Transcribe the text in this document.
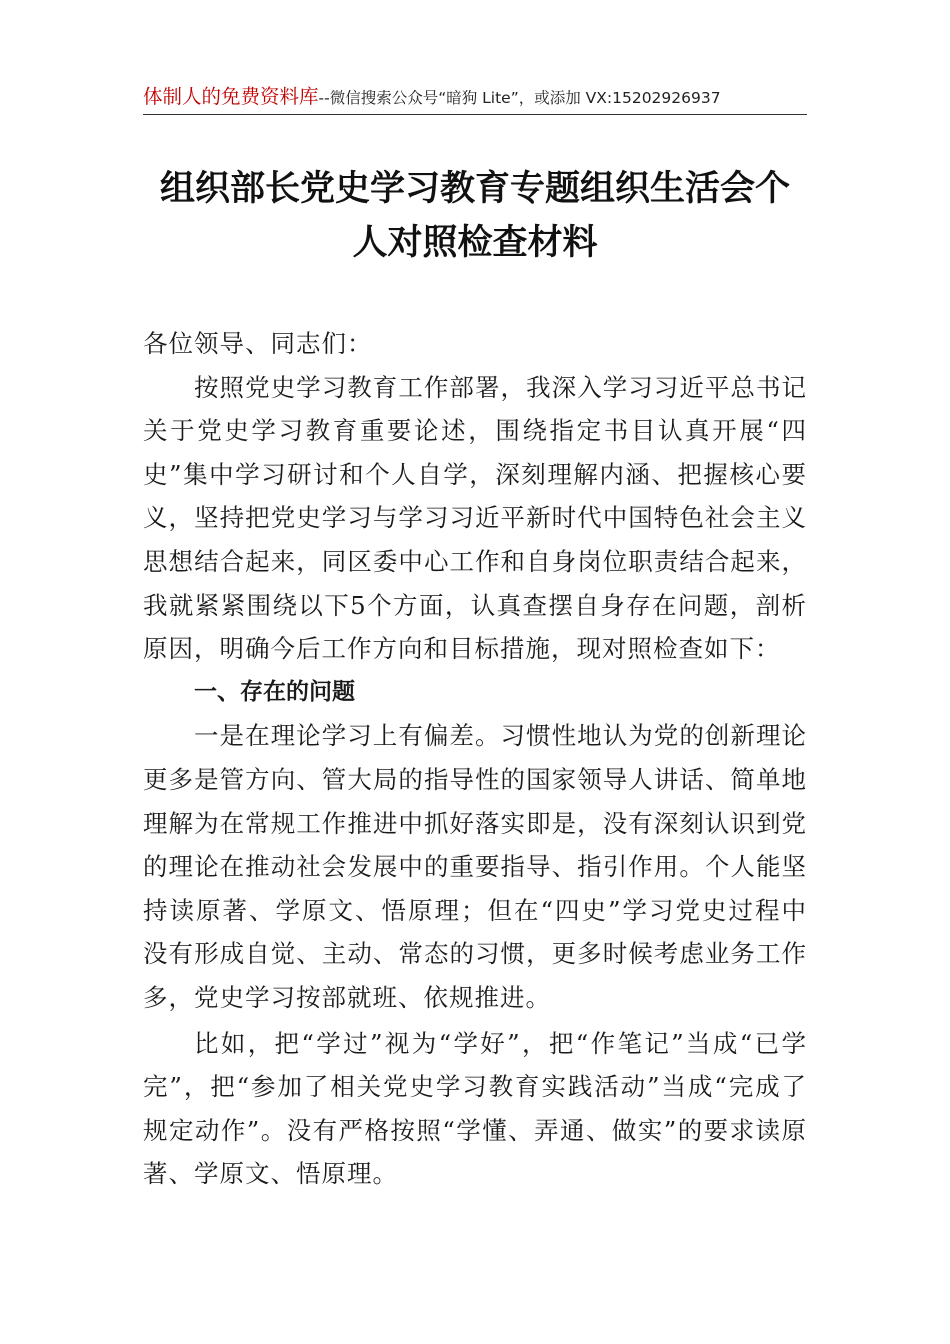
体制人的免费资料库--微信搜索公众号“暗狗 Lite”，或添加 VX:15202926937
组织部长党史学习教育专题组织生活会个人对照检查材料

各位领导、同志们：

按照党史学习教育工作部署，我深入学习习近平总书记关于党史学习教育重要论述，围绕指定书目认真开展“四史”集中学习研讨和个人自学，深刻理解内涵、把握核心要义，坚持把党史学习与学习习近平新时代中国特色社会主义思想结合起来，同区委中心工作和自身岗位职责结合起来，我就紧紧围绕以下5个方面，认真查摆自身存在问题，剖析原因，明确今后工作方向和目标措施，现对照检查如下：

一、存在的问题

一是在理论学习上有偏差。习惯性地认为党的创新理论更多是管方向、管大局的指导性的国家领导人讲话、简单地理解为在常规工作推进中抓好落实即是，没有深刻认识到党的理论在推动社会发展中的重要指导、指引作用。个人能坚持读原著、学原文、悟原理；但在“四史”学习党史过程中没有形成自觉、主动、常态的习惯，更多时候考虑业务工作多，党史学习按部就班、依规推进。

比如，把“学过”视为“学好”，把“作笔记”当成“已学完”，把“参加了相关党史学习教育实践活动”当成“完成了规定动作”。没有严格按照“学懂、弄通、做实”的要求读原著、学原文、悟原理。
